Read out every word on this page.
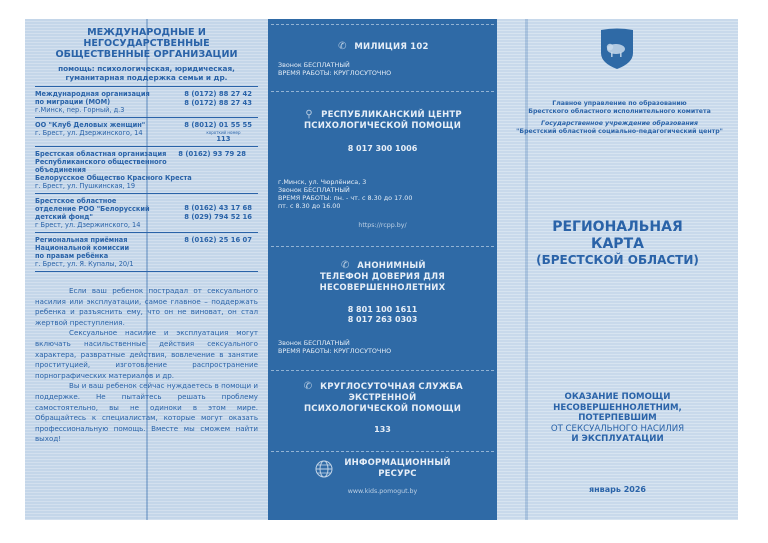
МЕЖДУНАРОДНЫЕ И НЕГОСУДАРСТВЕННЫЕ
ОБЩЕСТВЕННЫЕ ОРГАНИЗАЦИИ
помощь: психологическая, юридическая,
гуманитарная поддержка семьи и др.
Международная организация
по миграции (МОМ)
г.Минск, пер. Горный, д.3
8 (0172) 88 27 42
8 (0172) 88 27 43
ОО "Клуб Деловых женщин"
г. Брест, ул. Дзержинского, 14
8 (8012) 01 55 55
короткий номер
113
Брестская областная организация
Республиканского общественного
объединения
Белорусское Общество Красного Креста
г. Брест, ул. Пушкинская, 19
8 (0162) 93 79 28
Брестское областное
отделение РОО "Белорусский
детский фонд"
г Брест, ул. Дзержинского, 14
8 (0162) 43 17 68
8 (029) 794 52 16
Региональная приёмная
Национальной комиссии
по правам ребёнка
г. Брест, ул. Я. Купалы, 20/1
8 (0162) 25 16 07

Если ваш ребенок пострадал от сексуального насилия или эксплуатации, самое главное – поддержать ребенка и разъяснить ему, что он не виноват, он стал жертвой преступления.

Сексуальное насилие и эксплуатация могут включать насильственные действия сексуального характера, развратные действия, вовлечение в занятие проституцией, изготовление распространение порнографических материалов и др.

Вы и ваш ребенок сейчас нуждаетесь в помощи и поддержке. Не пытайтесь решать проблему самостоятельно, вы не одиноки в этом мире. Обращайтесь к специалистам, которые могут оказать профессиональную помощь. Вместе мы сможем найти выход!

✆ МИЛИЦИЯ 102
Звонок БЕСПЛАТНЫЙ
ВРЕМЯ РАБОТЫ: КРУГЛОСУТОЧНО
⚲ РЕСПУБЛИКАНСКИЙ ЦЕНТР
ПСИХОЛОГИЧЕСКОЙ ПОМОЩИ
8 017 300 1006
г.Минск, ул. Чюрлёниса, 3
Звонок БЕСПЛАТНЫЙ
ВРЕМЯ РАБОТЫ: пн. - чт. с 8.30 до 17.00
пт. с 8.30 до 16.00
https://rcpp.by/
✆ АНОНИМНЫЙ
ТЕЛЕФОН ДОВЕРИЯ ДЛЯ
НЕСОВЕРШЕННОЛЕТНИХ
8 801 100 1611
8 017 263 0303
Звонок БЕСПЛАТНЫЙ
ВРЕМЯ РАБОТЫ: КРУГЛОСУТОЧНО
✆ КРУГЛОСУТОЧНАЯ СЛУЖБА
ЭКСТРЕННОЙ
ПСИХОЛОГИЧЕСКОЙ ПОМОЩИ
133
ИНФОРМАЦИОННЫЙ
РЕСУРС
www.kids.pomogut.by
Главное управление по образованию
Брестского областного исполнительного комитета
Государственное учреждение образования
"Брестский областной социально-педагогический центр"
РЕГИОНАЛЬНАЯ
КАРТА
(БРЕСТСКОЙ ОБЛАСТИ)
ОКАЗАНИЕ ПОМОЩИ
НЕСОВЕРШЕННОЛЕТНИМ,
ПОТЕРПЕВШИМ
ОТ СЕКСУАЛЬНОГО НАСИЛИЯ
И ЭКСПЛУАТАЦИИ
январь 2026
